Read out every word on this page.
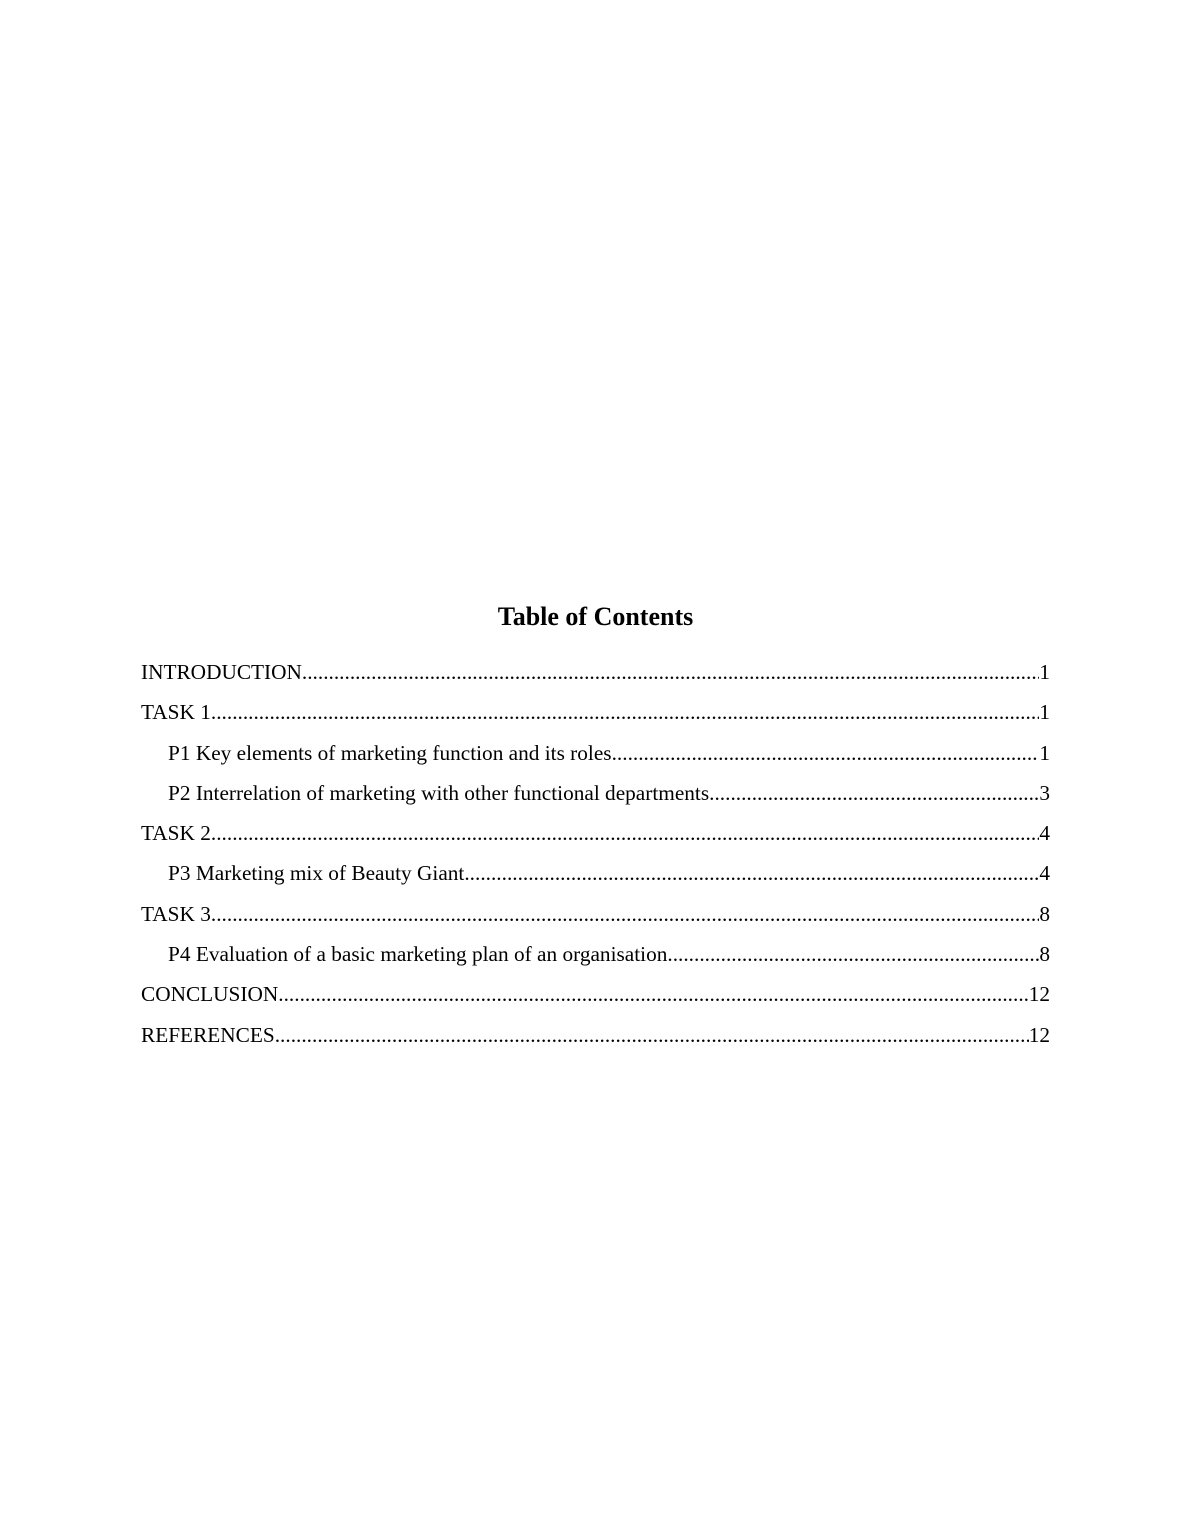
Table of Contents
INTRODUCTION .....	1
TASK 1 .....	1
P1 Key elements of marketing function and its roles .....	1
P2 Interrelation of marketing with other functional departments .....	3
TASK 2 .....	4
P3 Marketing mix of Beauty Giant .....	4
TASK 3 .....	8
P4 Evaluation of a basic marketing plan of an organisation .....	8
CONCLUSION .....	12
REFERENCES .....	12
